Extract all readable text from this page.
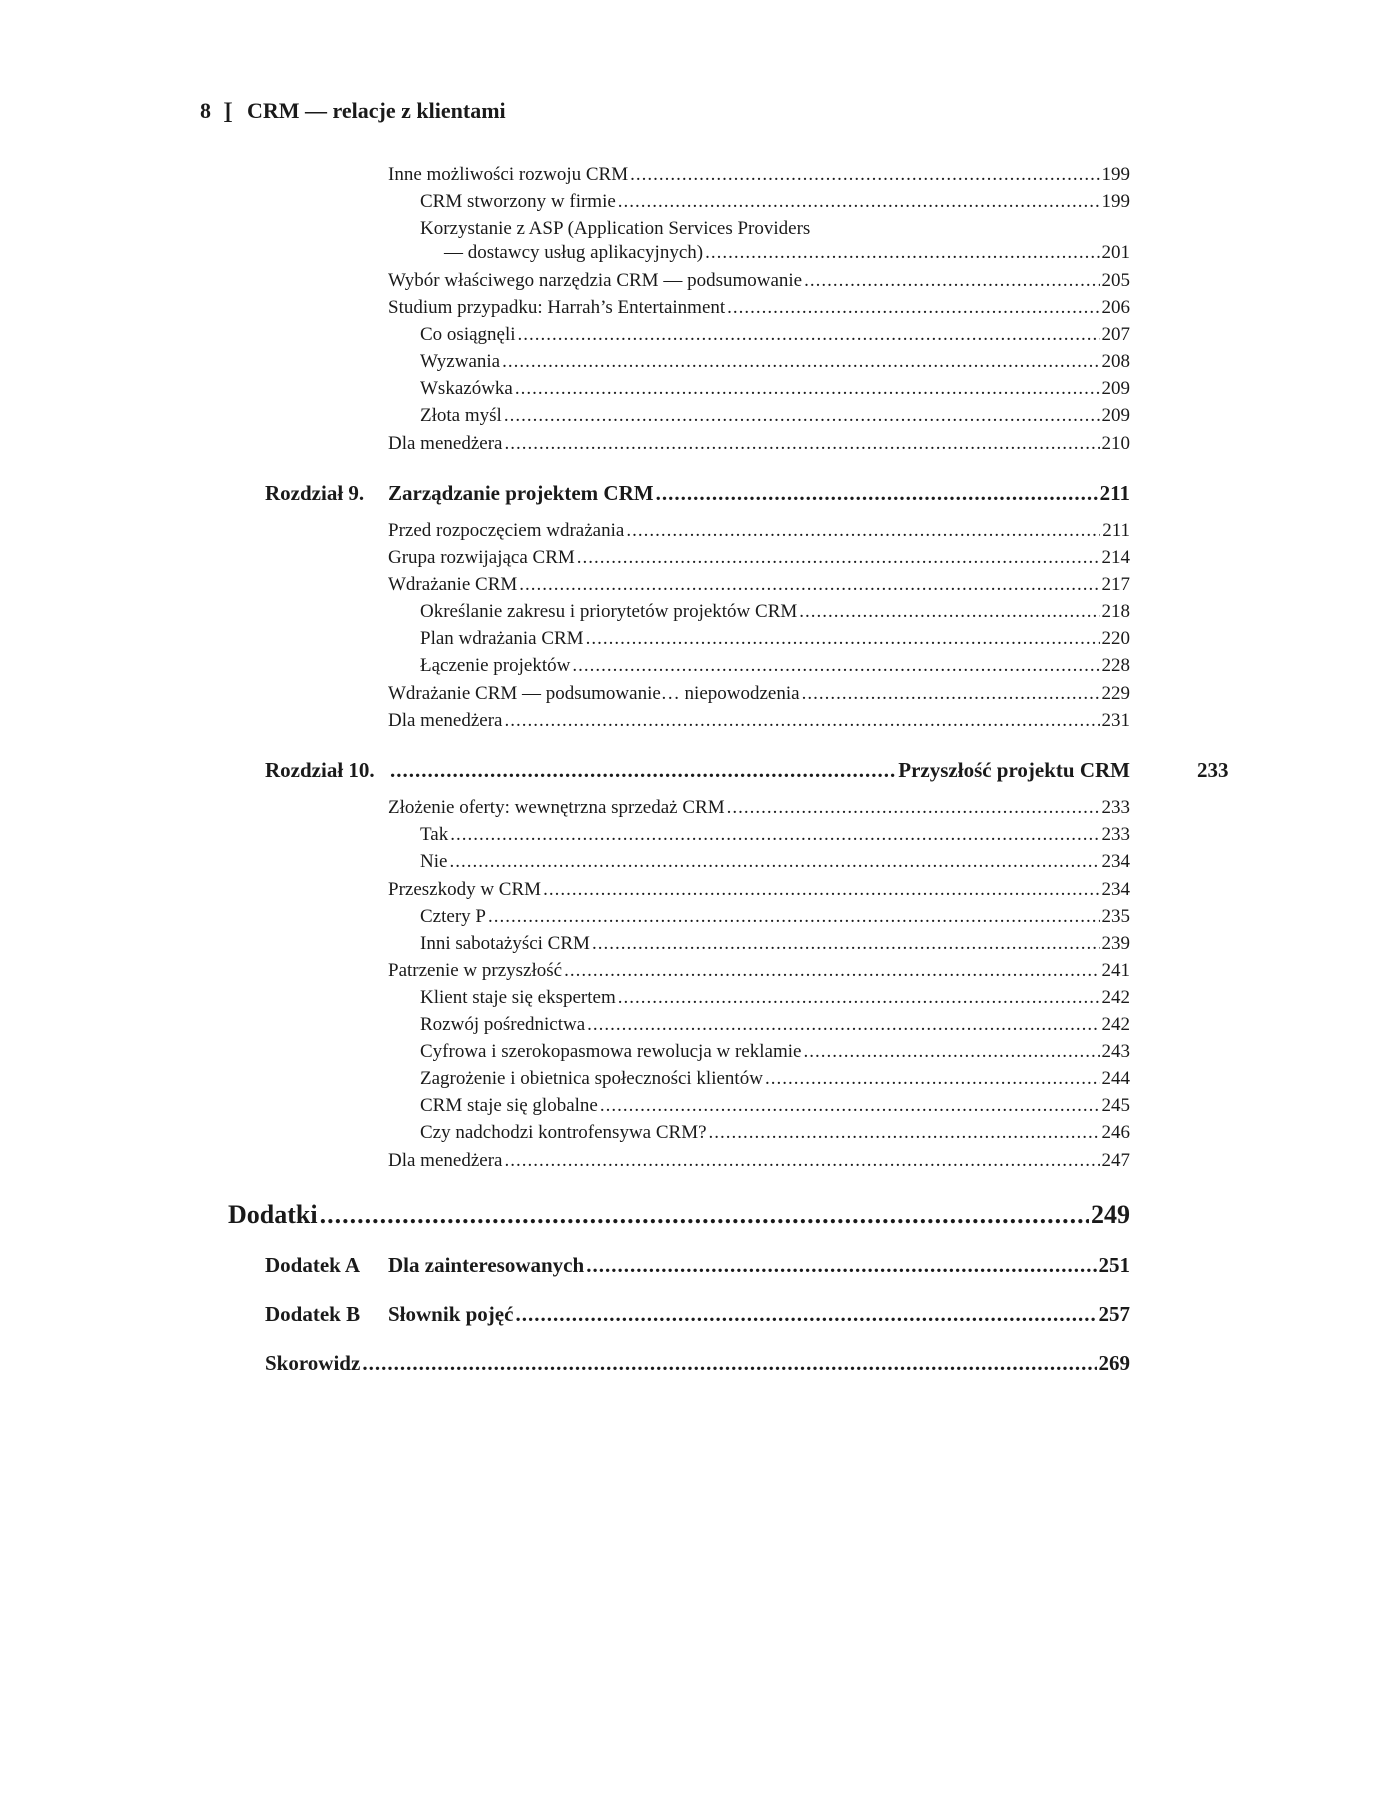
8 I CRM — relacje z klientami
Inne możliwości rozwoju CRM .....	199
CRM stworzony w firmie .....	199
Korzystanie z ASP (Application Services Providers
— dostawcy usług aplikacyjnych) .....	201
Wybór właściwego narzędzia CRM — podsumowanie .....	205
Studium przypadku: Harrah’s Entertainment .....	206
Co osiągnęli .....	207
Wyzwania .....	208
Wskazówka .....	209
Złota myśl .....	209
Dla menedżera .....	210
Rozdział 9.	Zarządzanie projektem CRM .....	211
Przed rozpoczęciem wdrażania .....	211
Grupa rozwijająca CRM .....	214
Wdrażanie CRM .....	217
Określanie zakresu i priorytetów projektów CRM .....	218
Plan wdrażania CRM .....	220
Łączenie projektów .....	228
Wdrażanie CRM — podsumowanie… niepowodzenia .....	229
Dla menedżera .....	231
Rozdział 10. .....	Przyszłość projektu CRM	233
Złożenie oferty: wewnętrzna sprzedaż CRM .....	233
Tak .....	233
Nie .....	234
Przeszkody w CRM .....	234
Cztery P .....	235
Inni sabotażyści CRM .....	239
Patrzenie w przyszłość .....	241
Klient staje się ekspertem .....	242
Rozwój pośrednictwa .....	242
Cyfrowa i szerokopasmowa rewolucja w reklamie .....	243
Zagrożenie i obietnica społeczności klientów .....	244
CRM staje się globalne .....	245
Czy nadchodzi kontrofensywa CRM? .....	246
Dla menedżera .....	247
Dodatki .....	249
Dodatek A	Dla zainteresowanych .....	251
Dodatek B	Słownik pojęć .....	257
Skorowidz .....	269
